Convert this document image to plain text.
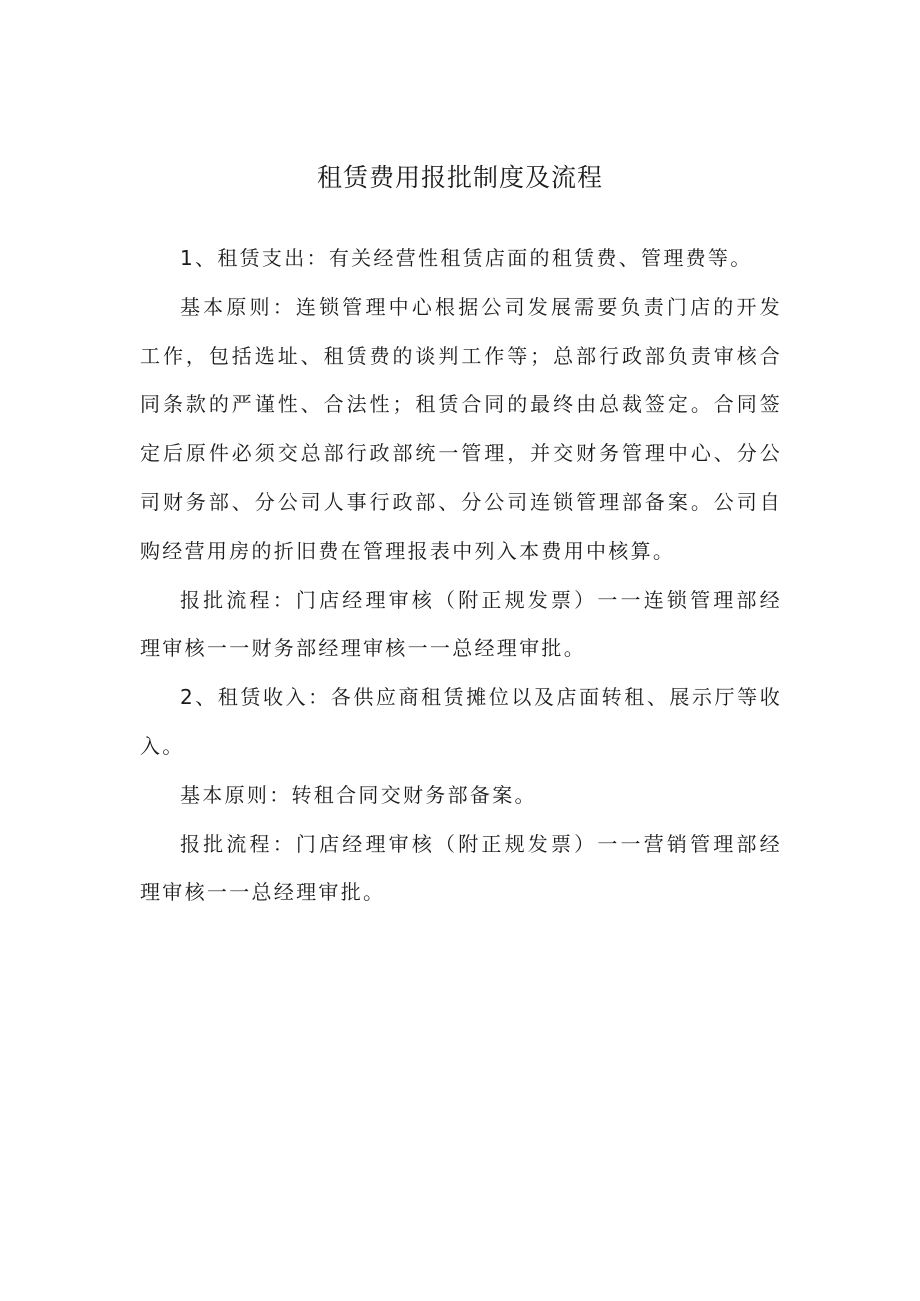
租赁费用报批制度及流程

1、租赁支出：有关经营性租赁店面的租赁费、管理费等。

基本原则：连锁管理中心根据公司发展需要负责门店的开发工作，包括选址、租赁费的谈判工作等；总部行政部负责审核合同条款的严谨性、合法性；租赁合同的最终由总裁签定。合同签定后原件必须交总部行政部统一管理，并交财务管理中心、分公司财务部、分公司人事行政部、分公司连锁管理部备案。公司自购经营用房的折旧费在管理报表中列入本费用中核算。

报批流程：门店经理审核（附正规发票）一一连锁管理部经理审核一一财务部经理审核一一总经理审批。

2、租赁收入：各供应商租赁摊位以及店面转租、展示厅等收入。

基本原则：转租合同交财务部备案。

报批流程：门店经理审核（附正规发票）一一营销管理部经理审核一一总经理审批。
